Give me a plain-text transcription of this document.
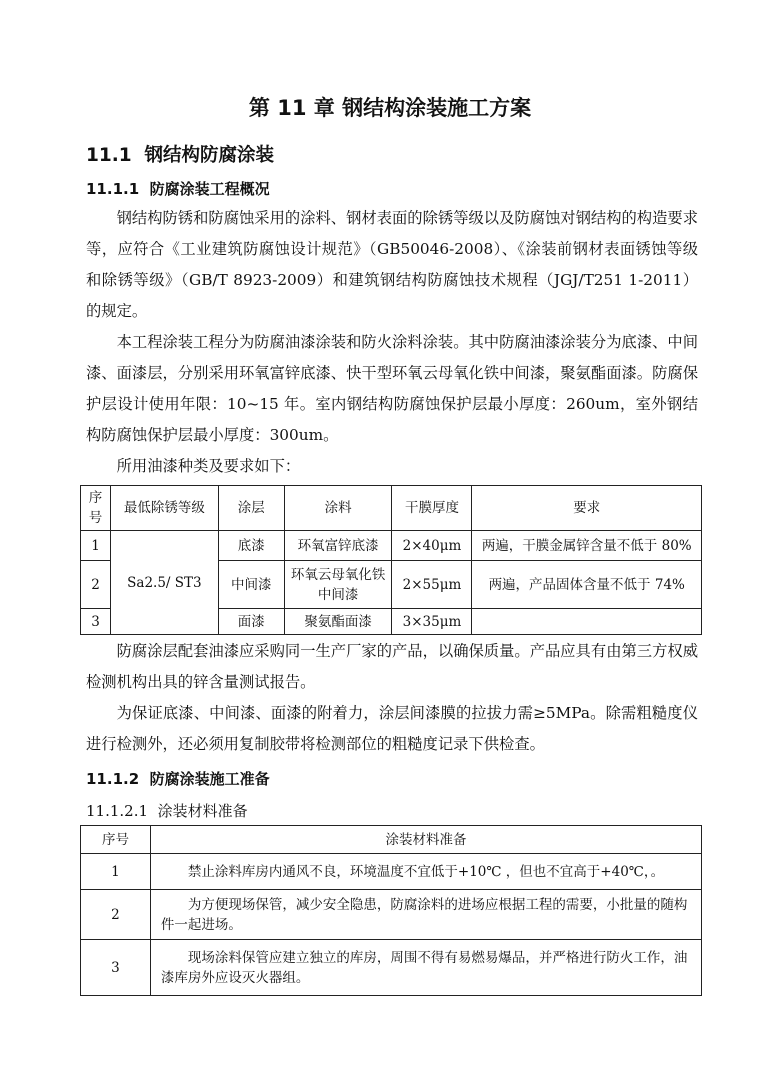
第 11 章 钢结构涂装施工方案
11.1 钢结构防腐涂装
11.1.1 防腐涂装工程概况

钢结构防锈和防腐蚀采用的涂料、钢材表面的除锈等级以及防腐蚀对钢结构的构造要求等，应符合《工业建筑防腐蚀设计规范》（GB50046-2008）、《涂装前钢材表面锈蚀等级和除锈等级》（GB/T 8923-2009）和建筑钢结构防腐蚀技术规程（JGJ/T251 1-2011）的规定。

本工程涂装工程分为防腐油漆涂装和防火涂料涂装。其中防腐油漆涂装分为底漆、中间漆、面漆层，分别采用环氧富锌底漆、快干型环氧云母氧化铁中间漆，聚氨酯面漆。防腐保护层设计使用年限：10~15 年。室内钢结构防腐蚀保护层最小厚度：260um，室外钢结构防腐蚀保护层最小厚度：300um。

所用油漆种类及要求如下：

序号	最低除锈等级	涂层	涂料	干膜厚度	要求
1	Sa2.5/ ST3	底漆	环氧富锌底漆	2×40μm	两遍，干膜金属锌含量不低于 80%
2		中间漆	环氧云母氧化铁中间漆	2×55μm	两遍，产品固体含量不低于 74%
3		面漆	聚氨酯面漆	3×35μm	

防腐涂层配套油漆应采购同一生产厂家的产品，以确保质量。产品应具有由第三方权威检测机构出具的锌含量测试报告。

为保证底漆、中间漆、面漆的附着力，涂层间漆膜的拉拔力需≥5MPa。除需粗糙度仪进行检测外，还必须用复制胶带将检测部位的粗糙度记录下供检查。

11.1.2 防腐涂装施工准备
11.1.2.1 涂装材料准备
序号	涂装材料准备
1	禁止涂料库房内通风不良，环境温度不宜低于+10℃ ，但也不宜高于+40℃，。
2	为方便现场保管，减少安全隐患，防腐涂料的进场应根据工程的需要，小批量的随构件一起进场。
3	现场涂料保管应建立独立的库房，周围不得有易燃易爆品，并严格进行防火工作，油漆库房外应设灭火器组。
